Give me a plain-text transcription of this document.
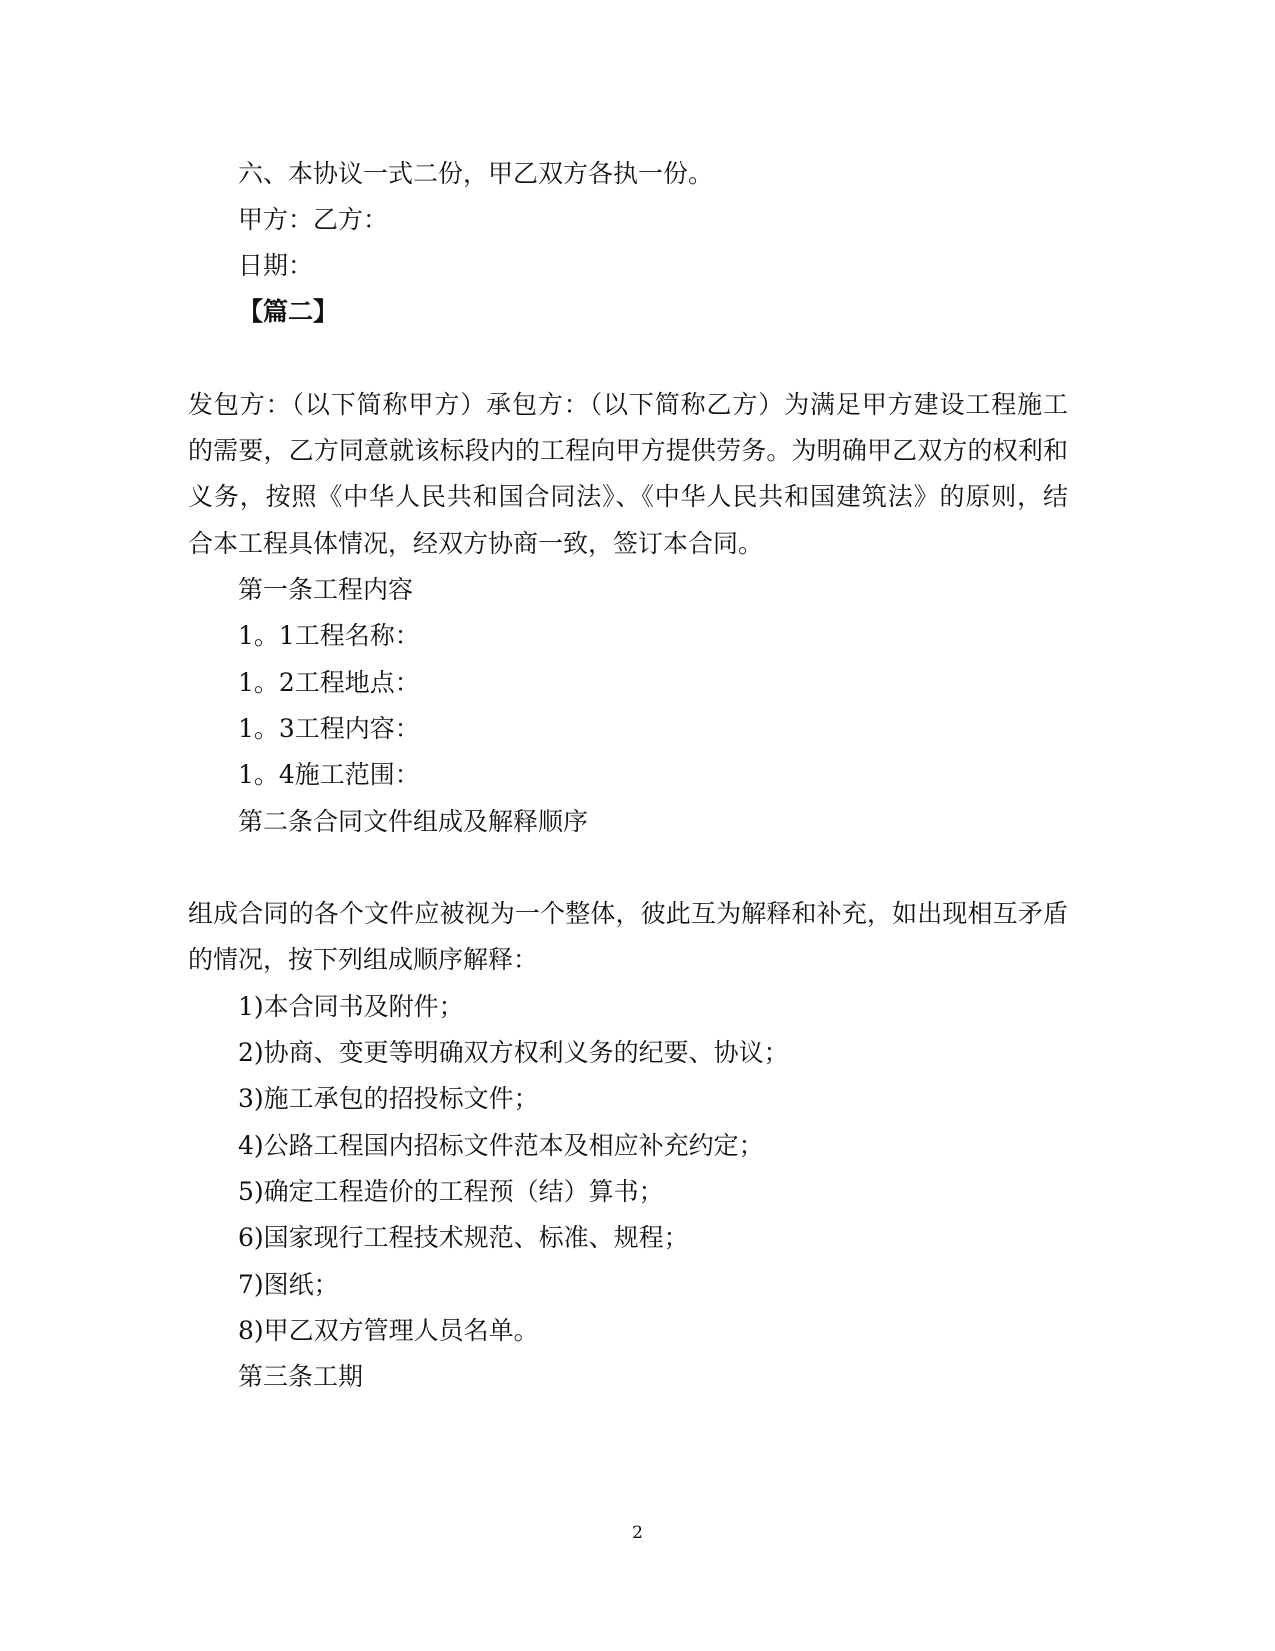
六、本协议一式二份，甲乙双方各执一份。
甲方：乙方：
日期：
【篇二】
发包方：（以下简称甲方）承包方：（以下简称乙方）为满足甲方建设工程施工
的需要，乙方同意就该标段内的工程向甲方提供劳务。为明确甲乙双方的权利和
义务，按照《中华人民共和国合同法》、《中华人民共和国建筑法》的原则，结
合本工程具体情况，经双方协商一致，签订本合同。
第一条工程内容
1。1工程名称：
1。2工程地点：
1。3工程内容：
1。4施工范围：
第二条合同文件组成及解释顺序
组成合同的各个文件应被视为一个整体，彼此互为解释和补充，如出现相互矛盾
的情况，按下列组成顺序解释：
1)本合同书及附件；
2)协商、变更等明确双方权利义务的纪要、协议；
3)施工承包的招投标文件；
4)公路工程国内招标文件范本及相应补充约定；
5)确定工程造价的工程预（结）算书；
6)国家现行工程技术规范、标准、规程；
7)图纸；
8)甲乙双方管理人员名单。
第三条工期
2
